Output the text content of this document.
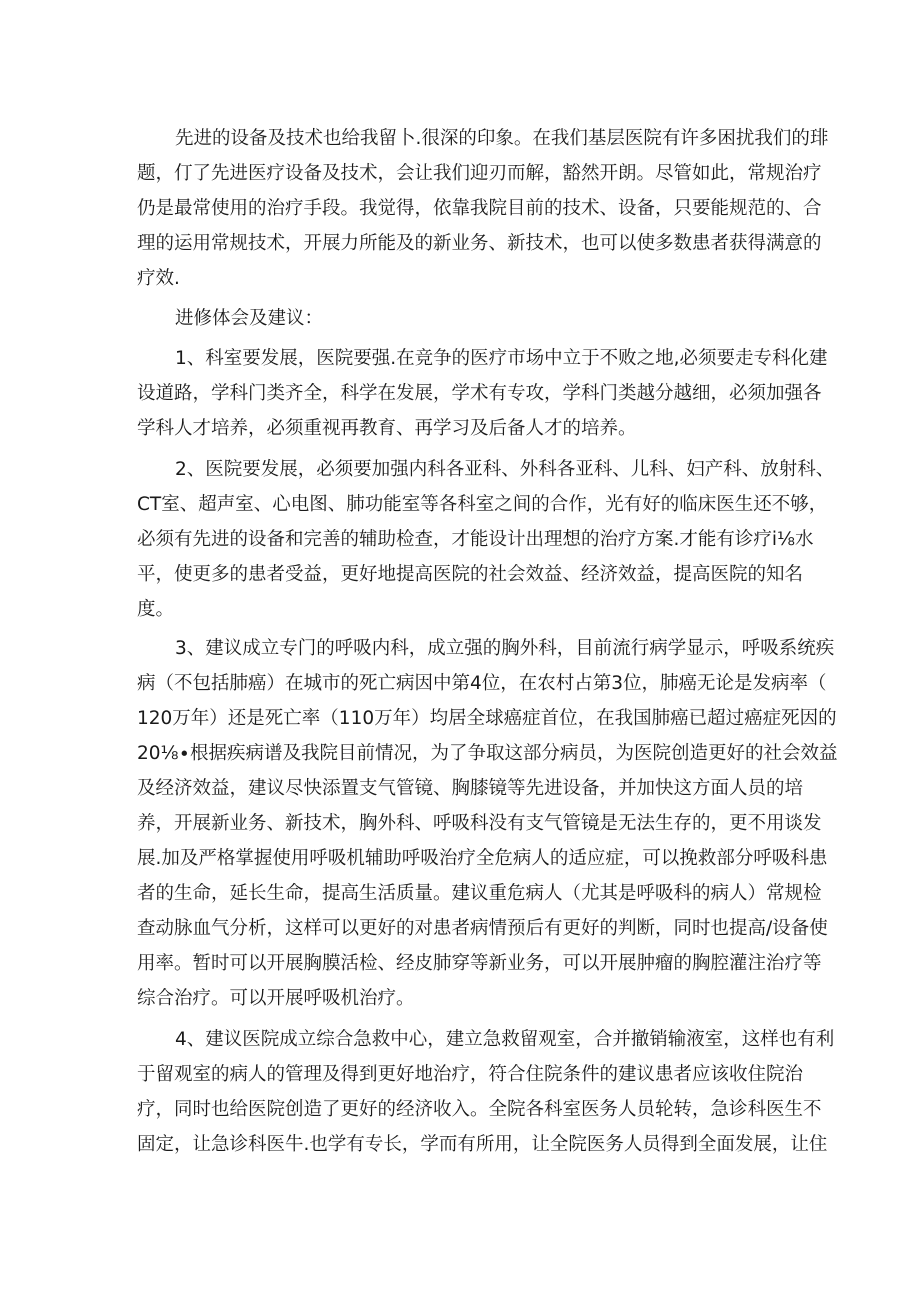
先进的设备及技术也给我留卜.很深的印象。在我们基层医院有许多困扰我们的琲
题，仃了先进医疗设备及技术，会让我们迎刃而解，豁然开朗。尽管如此，常规治疗
仍是最常使用的治疗手段。我觉得，依靠我院目前的技术、设备，只要能规范的、合
理的运用常规技术，开展力所能及的新业务、新技术，也可以使多数患者获得满意的
疗效.
进修体会及建议：
1、科室要发展，医院要强.在竞争的医疗市场中立于不败之地,必须要走专科化建
设道路，学科门类齐全，科学在发展，学术有专攻，学科门类越分越细，必须加强各
学科人才培养，必须重视再教育、再学习及后备人才的培养。
2、医院要发展，必须要加强内科各亚科、外科各亚科、儿科、妇产科、放射科、
CT室、超声室、心电图、肺功能室等各科室之间的合作，光有好的临床医生还不够，
必须有先进的设备和完善的辅助检查，才能设计出理想的治疗方案.才能有诊疗i⅛水
平，使更多的患者受益，更好地提高医院的社会效益、经济效益，提高医院的知名
度。
3、建议成立专门的呼吸内科，成立强的胸外科，目前流行病学显示，呼吸系统疾
病（不包括肺癌）在城市的死亡病因中第4位，在农村占第3位，肺癌无论是发病率（
120万年）还是死亡率（110万年）均居全球癌症首位，在我国肺癌已超过癌症死因的
20⅛∙根据疾病谱及我院目前情况，为了争取这部分病员，为医院创造更好的社会效益
及经济效益，建议尽快添置支气管镜、胸膝镜等先进设备，并加快这方面人员的培
养，开展新业务、新技术，胸外科、呼吸科没有支气管镜是无法生存的，更不用谈发
展.加及严格掌握使用呼吸机辅助呼吸治疗全危病人的适应症，可以挽救部分呼吸科患
者的生命，延长生命，提高生活质量。建议重危病人（尤其是呼吸科的病人）常规检
查动脉血气分析，这样可以更好的对患者病情预后有更好的判断，同时也提高/设备使
用率。暂时可以开展胸膜活检、经皮肺穿等新业务，可以开展肿瘤的胸腔灌注治疗等
综合治疗。可以开展呼吸机治疗。
4、建议医院成立综合急救中心，建立急救留观室，合并撤销输液室，这样也有利
于留观室的病人的管理及得到更好地治疗，符合住院条件的建议患者应该收住院治
疗，同时也给医院创造了更好的经济收入。全院各科室医务人员轮转，急诊科医生不
固定，让急诊科医牛.也学有专长，学而有所用，让全院医务人员得到全面发展，让住
